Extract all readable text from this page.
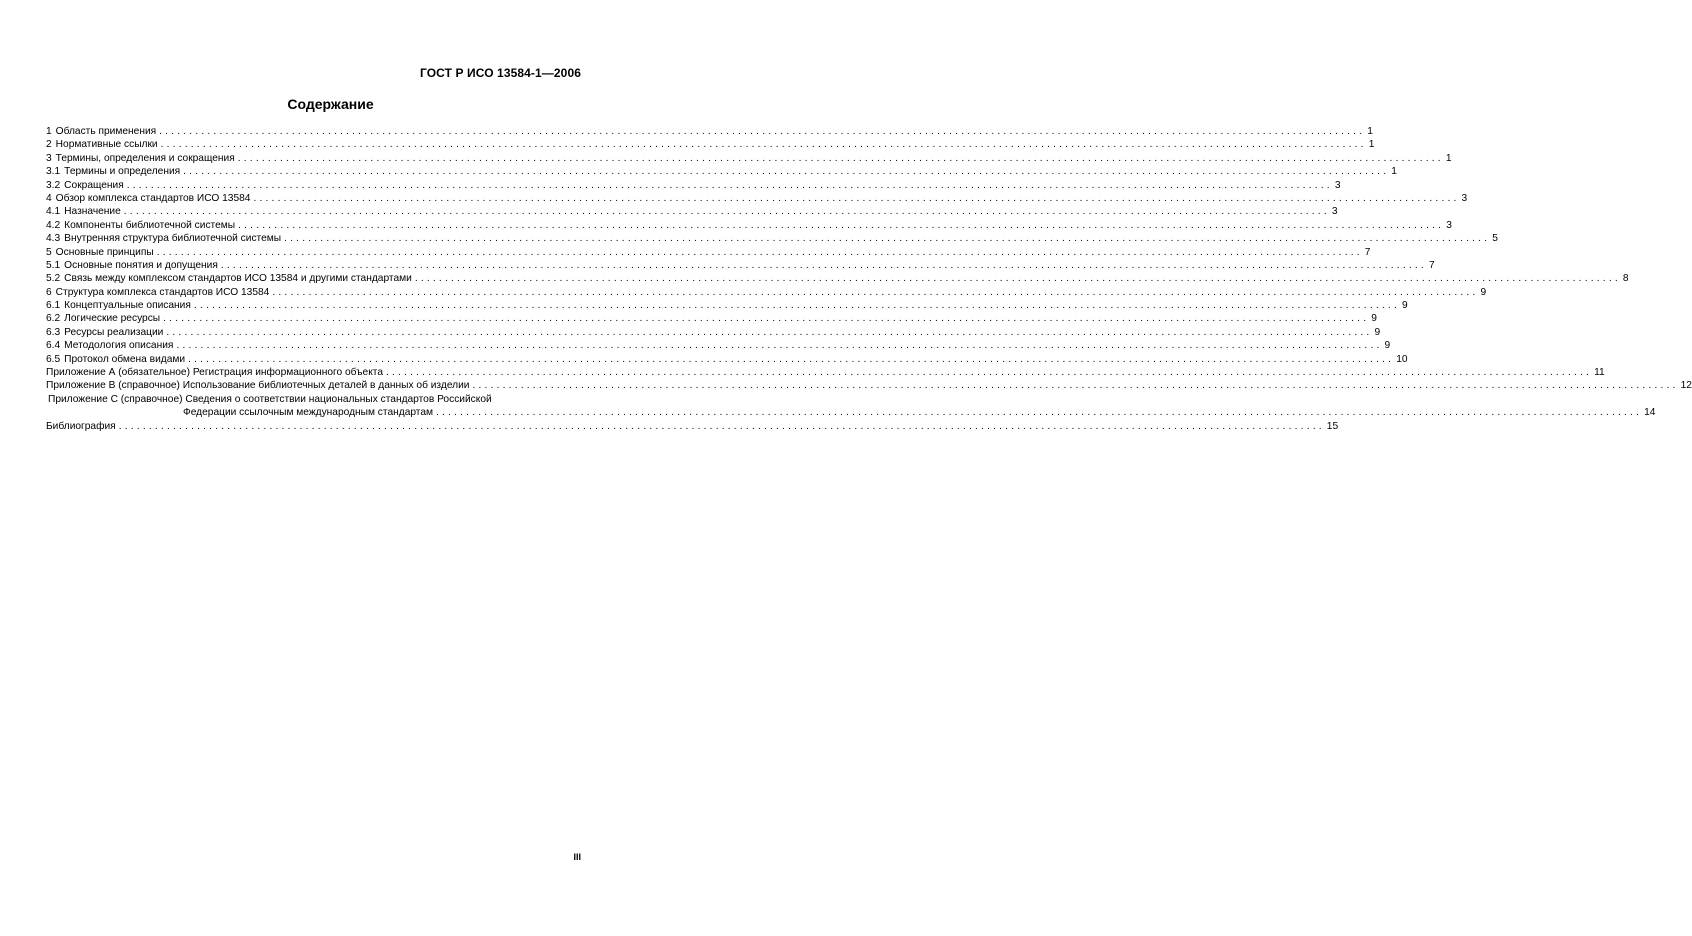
ГОСТ Р ИСО 13584-1—2006
Содержание
1 Область применения ........................................................................................................................................................................................................ 1
2 Нормативные ссылки ........................................................................................................................................................................................................ 1
3 Термины, определения и сокращения ........................................................................................................................................................................................................ 1
3.1 Термины и определения ........................................................................................................................................................................................................ 1
3.2 Сокращения ........................................................................................................................................................................................................ 3
4 Обзор комплекса стандартов ИСО 13584 ........................................................................................................................................................................................................ 3
4.1 Назначение ........................................................................................................................................................................................................ 3
4.2 Компоненты библиотечной системы ........................................................................................................................................................................................................ 3
4.3 Внутренняя структура библиотечной системы ........................................................................................................................................................................................................ 5
5 Основные принципы ........................................................................................................................................................................................................ 7
5.1 Основные понятия и допущения ........................................................................................................................................................................................................ 7
5.2 Связь между комплексом стандартов ИСО 13584 и другими стандартами ........................................................................................................................................................................................................ 8
6 Структура комплекса стандартов ИСО 13584 ........................................................................................................................................................................................................ 9
6.1 Концептуальные описания ........................................................................................................................................................................................................ 9
6.2 Логические ресурсы ........................................................................................................................................................................................................ 9
6.3 Ресурсы реализации ........................................................................................................................................................................................................ 9
6.4 Методология описания ........................................................................................................................................................................................................ 9
6.5 Протокол обмена видами ........................................................................................................................................................................................................ 10
Приложение А (обязательное) Регистрация информационного объекта ........................................................................................................................................................................................................ 11
Приложение В (справочное) Использование библиотечных деталей в данных об изделии ........................................................................................................................................................................................................ 12
Приложение С (справочное) Сведения о соответствии национальных стандартов Российской
Федерации ссылочным международным стандартам ........................................................................................................................................................................................................ 14
Библиография ........................................................................................................................................................................................................ 15
III
